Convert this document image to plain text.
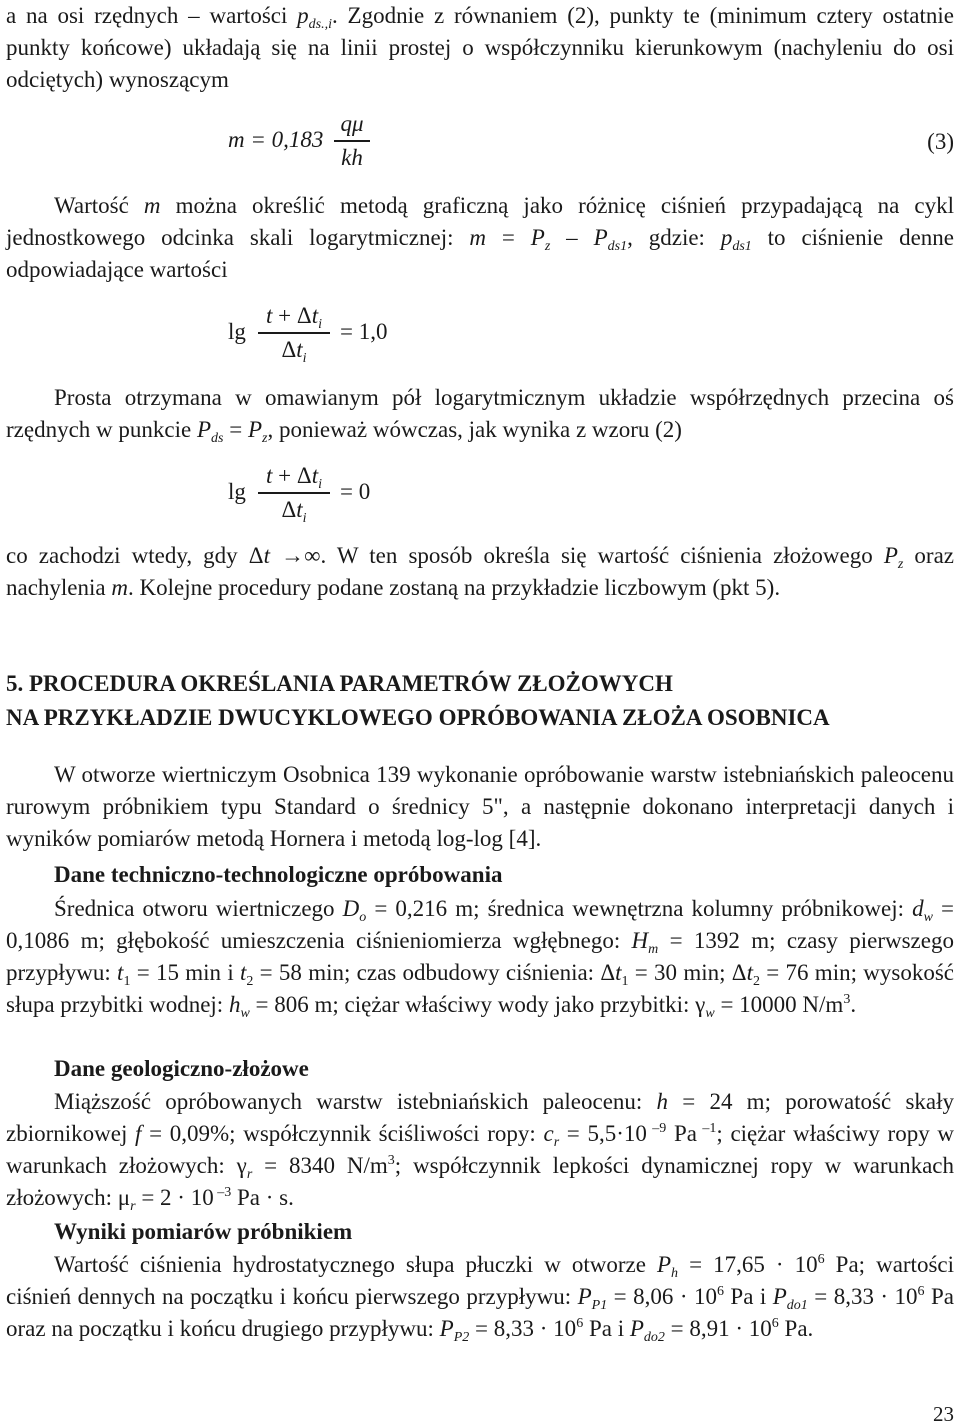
a na osi rzędnych – wartości $p_{ds.,i}$. Zgodnie z równaniem (2), punkty te (minimum cztery ostatnie punkty końcowe) układają się na linii prostej o współczynniku kierunkowym (nachyleniu do osi odciętych) wynoszącym

m = 0,183
qμ
kh
(3)

Wartość m można określić metodą graficzną jako różnicę ciśnień przypadającą na cykl jednostkowego odcinka skali logarytmicznej: $m = P_z - P_{ds1}$, gdzie: $p_{ds1}$ to ciśnienie denne odpowiadające wartości

lg
$t + \Delta t_i$
$\Delta t_i$
= 1,0

Prosta otrzymana w omawianym pół logarytmicznym układzie współrzędnych przecina oś rzędnych w punkcie $P_{ds} = P_z$, ponieważ wówczas, jak wynika z wzoru (2)

lg
$t + \Delta t_i$
$\Delta t_i$
= 0

co zachodzi wtedy, gdy Δt →∞. W ten sposób określa się wartość ciśnienia złożowego $P_z$ oraz nachylenia m. Kolejne procedury podane zostaną na przykładzie liczbowym (pkt 5).

5. PROCEDURA OKREŚLANIA PARAMETRÓW ZŁOŻOWYCH
NA PRZYKŁADZIE DWUCYKLOWEGO OPRÓBOWANIA ZŁOŻA OSOBNICA

W otworze wiertniczym Osobnica 139 wykonanie opróbowanie warstw istebniańskich paleocenu rurowym próbnikiem typu Standard o średnicy 5", a następnie dokonano interpretacji danych i wyników pomiarów metodą Hornera i metodą log-log [4].

Dane techniczno-technologiczne opróbowania

Średnica otworu wiertniczego $D_o = 0,216$ m; średnica wewnętrzna kolumny próbnikowej: $d_w = 0,1086$ m; głębokość umieszczenia ciśnieniomierza wgłębnego: $H_m = 1392$ m; czasy pierwszego przypływu: $t_1 = 15$ min i $t_2 = 58$ min; czas odbudowy ciśnienia: $\Delta t_1 = 30$ min; $\Delta t_2 = 76$ min; wysokość słupa przybitki wodnej: $h_w = 806$ m; ciężar właściwy wody jako przybitki: $\gamma_w = 10000$ $N/m^3$.

Dane geologiczno-złożowe

Miąższość opróbowanych warstw istebniańskich paleocenu: h = 24 m; porowatość skały zbiornikowej f = 0,09%; współczynnik ściśliwości ropy: $c_r = 5,5\cdot 10$ $^{-9}$ Pa $^{-1}$; ciężar właściwy ropy w warunkach złożowych: $\gamma_r = 8340$ $N/m^3$; współczynnik lepkości dynamicznej ropy w warunkach złożowych: $\mu_r = 2 \cdot 10$ $^{-3}$ Pa · s.

Wyniki pomiarów próbnikiem

Wartość ciśnienia hydrostatycznego słupa płuczki w otworze $P_h = 17,65 \cdot 10^6$ Pa; wartości ciśnień dennych na początku i końcu pierwszego przypływu: $P_{P1} = 8,06 \cdot 10^6$ Pa i $P_{do1} = 8,33 \cdot 10^6$ Pa oraz na początku i końcu drugiego przypływu: $P_{P2} = 8,33 \cdot 10^6$ Pa i $P_{do2} = 8,91 \cdot 10^6$ Pa.

23
